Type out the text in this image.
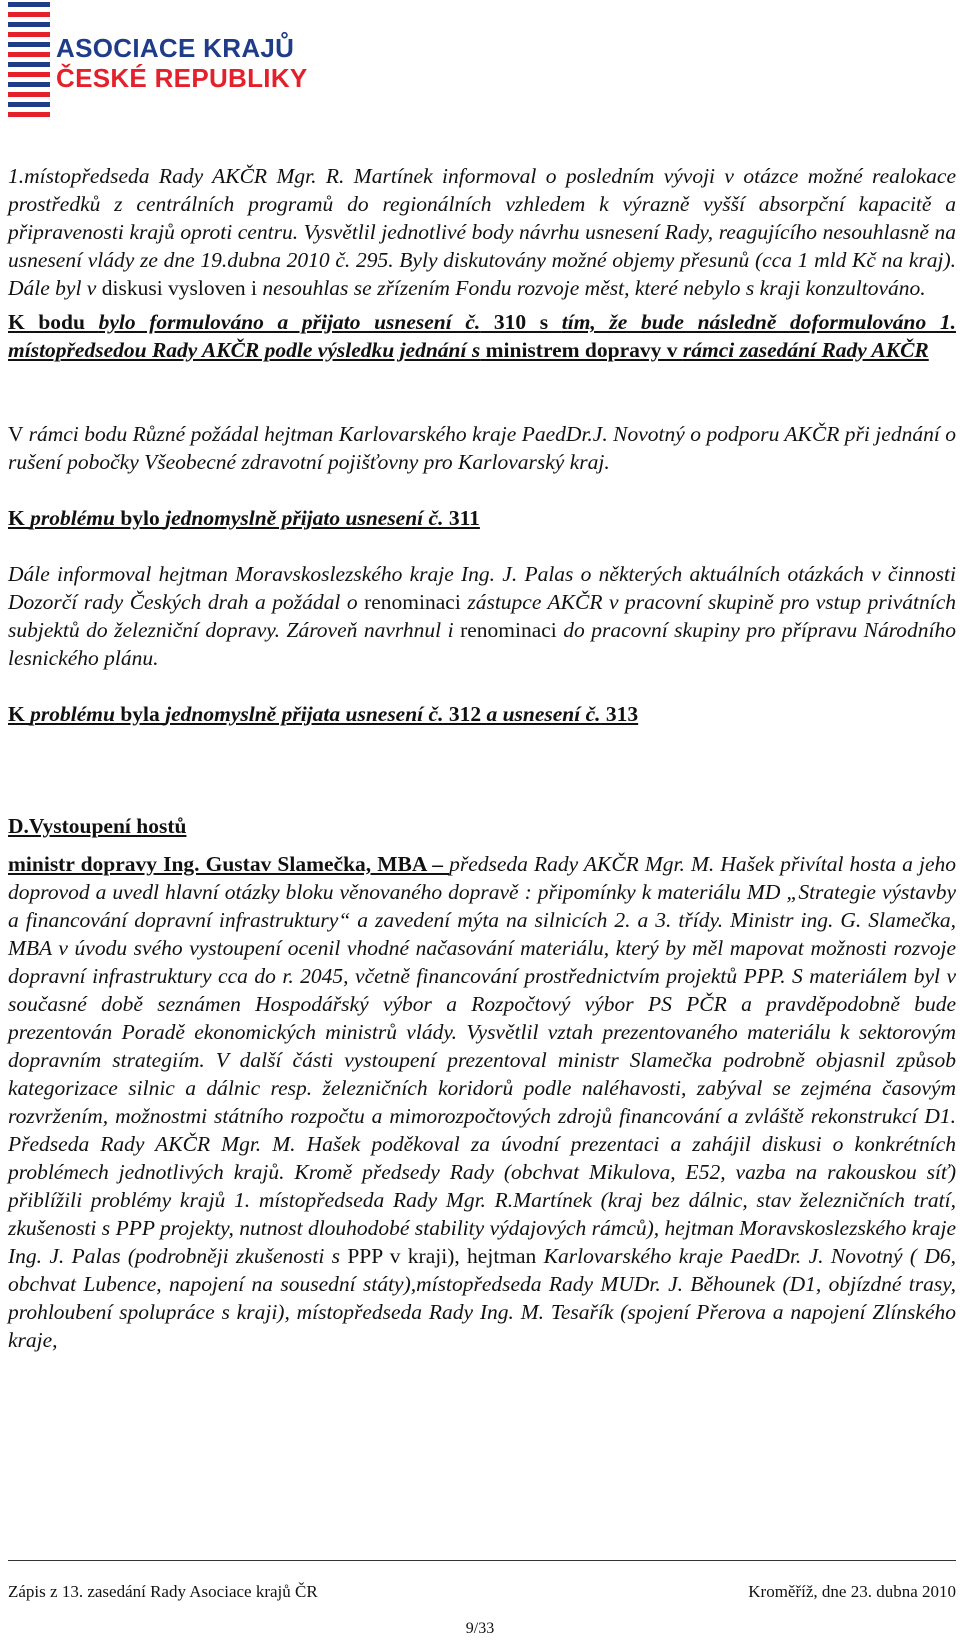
ASOCIACE KRAJŮ
ČESKÉ REPUBLIKY

1.místopředseda Rady AKČR Mgr. R. Martínek informoval o posledním vývoji v otázce možné realokace prostředků z centrálních programů do regionálních vzhledem k výrazně vyšší absorpční kapacitě a připravenosti krajů oproti centru. Vysvětlil jednotlivé body návrhu usnesení Rady, reagujícího nesouhlasně na usnesení vlády ze dne 19.dubna 2010 č. 295. Byly diskutovány možné objemy přesunů (cca 1 mld Kč na kraj). Dále byl v diskusi vysloven i nesouhlas se zřízením Fondu rozvoje měst, které nebylo s kraji konzultováno.

K bodu bylo formulováno a přijato usnesení č. 310 s tím, že bude následně doformulováno 1. místopředsedou Rady AKČR podle výsledku jednání s ministrem dopravy v rámci zasedání Rady AKČR

V rámci bodu Různé požádal hejtman Karlovarského kraje PaedDr.J. Novotný o podporu AKČR při jednání o rušení pobočky Všeobecné zdravotní pojišťovny pro Karlovarský kraj.

K problému bylo jednomyslně přijato usnesení č. 311

Dále informoval hejtman Moravskoslezského kraje Ing. J. Palas o některých aktuálních otázkách v činnosti Dozorčí rady Českých drah a požádal o renominaci zástupce AKČR v pracovní skupině pro vstup privátních subjektů do železniční dopravy. Zároveň navrhnul i renominaci do pracovní skupiny pro přípravu Národního lesnického plánu.

K problému byla jednomyslně přijata usnesení č. 312 a usnesení č. 313

D.Vystoupení hostů

ministr dopravy Ing. Gustav Slamečka, MBA – předseda Rady AKČR Mgr. M. Hašek přivítal hosta a jeho doprovod a uvedl hlavní otázky bloku věnovaného dopravě : připomínky k materiálu MD „Strategie výstavby a financování dopravní infrastruktury“ a zavedení mýta na silnicích 2. a 3. třídy. Ministr ing. G. Slamečka, MBA v úvodu svého vystoupení ocenil vhodné načasování materiálu, který by měl mapovat možnosti rozvoje dopravní infrastruktury cca do r. 2045, včetně financování prostřednictvím projektů PPP. S materiálem byl v současné době seznámen Hospodářský výbor a Rozpočtový výbor PS PČR a pravděpodobně bude prezentován Poradě ekonomických ministrů vlády. Vysvětlil vztah prezentovaného materiálu k sektorovým dopravním strategiím. V další části vystoupení prezentoval ministr Slamečka podrobně objasnil způsob kategorizace silnic a dálnic resp. železničních koridorů podle naléhavosti, zabýval se zejména časovým rozvržením, možnostmi státního rozpočtu a mimorozpočtových zdrojů financování a zvláště rekonstrukcí D1. Předseda Rady AKČR Mgr. M. Hašek poděkoval za úvodní prezentaci a zahájil diskusi o konkrétních problémech jednotlivých krajů. Kromě předsedy Rady (obchvat Mikulova, E52, vazba na rakouskou síť) přiblížili problémy krajů 1. místopředseda Rady Mgr. R.Martínek (kraj bez dálnic, stav železničních tratí, zkušenosti s PPP projekty, nutnost dlouhodobé stability výdajových rámců), hejtman Moravskoslezského kraje Ing. J. Palas (podrobněji zkušenosti s PPP v kraji), hejtman Karlovarského kraje PaedDr. J. Novotný ( D6, obchvat Lubence, napojení na sousední státy),místopředseda Rady MUDr. J. Běhounek (D1, objízdné trasy, prohloubení spolupráce s kraji), místopředseda Rady Ing. M. Tesařík (spojení Přerova a napojení Zlínského kraje,

Zápis z 13. zasedání Rady Asociace krajů ČR	Kroměříž, dne 23. dubna 2010
9/33
